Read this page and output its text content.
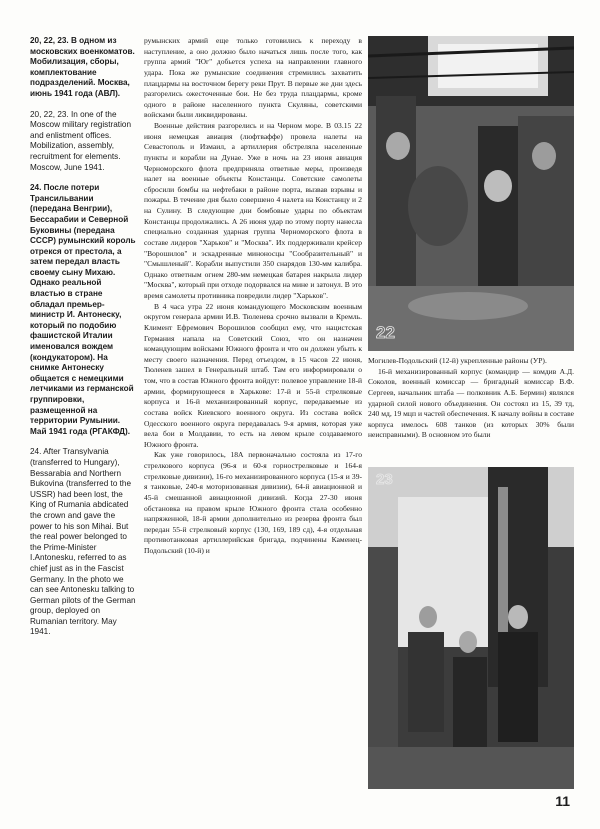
20, 22, 23. В одном из московских военкоматов. Мобилизация, сборы, комплектование подразделений. Москва, июнь 1941 года (АВЛ).

20, 22, 23. In one of the Moscow military registration and enlistment offices. Mobilization, assembly, recruitment for elements. Moscow, June 1941.

24. После потери Трансильвании (передана Венгрии), Бессарабии и Северной Буковины (передана СССР) румынский король отрекся от престола, а затем передал власть своему сыну Михаю. Однако реальной властью в стране обладал премьер-министр И. Антонеску, который по подобию фашистской Италии именовался вождем (кондукатором). На снимке Антонеску общается с немецкими летчиками из германской группировки, размещенной на территории Румынии. Май 1941 года (РГАКФД).

24. After Transylvania (transferred to Hungary), Bessarabia and Northern Bukovina (transferred to the USSR) had been lost, the King of Rumania abdicated the crown and gave the power to his son Mihai. But the real power belonged to the Prime-Minister I.Antonesku, referred to as chief just as in the Fascist Germany. In the photo we can see Antonesku talking to German pilots of the German group, deployed on Rumanian territory. May 1941.

румынских армий еще только готовились к переходу в наступление, а оно должно было начаться лишь после того, как группа армий "Юг" добьется успеха на направлении главного удара. Пока же румынские соединения стремились захватить плацдармы на восточном берегу реки Прут. В первые же дни здесь разгорелись ожесточенные бои. Не без труда плацдармы, кроме одного в районе населенного пункта Скуляны, советскими войсками были ликвидированы.

Военные действия разгорелись и на Черном море. В 03.15 22 июня немецкая авиация (люфтваффе) провела налеты на Севастополь и Измаил, а артиллерия обстреляла населенные пункты и корабли на Дунае. Уже в ночь на 23 июня авиация Черноморского флота предприняла ответные меры, произведя налет на военные объекты Констанцы. Советские самолеты сбросили бомбы на нефтебаки в районе порта, вызвав взрывы и пожары. В течение дня было совершено 4 налета на Констанцу и 2 на Сулину. В следующие дни бомбовые удары по объектам Констанцы продолжались. А 26 июня удар по этому порту нанесла специально созданная ударная группа Черноморского флота в составе лидеров "Харьков" и "Москва". Их поддерживали крейсер "Ворошилов" и эскадренные миноносцы "Сообразительный" и "Смышленый". Корабли выпустили 350 снарядов 130-мм калибра. Однако ответным огнем 280-мм немецкая батарея накрыла лидер "Москва", который при отходе подорвался на мине и затонул. В это время самолеты противника повредили лидер "Харьков".

В 4 часа утра 22 июня командующего Московским военным округом генерала армии И.В. Тюленева срочно вызвали в Кремль. Климент Ефремович Ворошилов сообщил ему, что нацистская Германия напала на Советский Союз, что он назначен командующим войсками Южного фронта и что он должен убыть к месту своего назначения. Перед отъездом, в 15 часов 22 июня, Тюленев зашел в Генеральный штаб. Там его информировали о том, что в состав Южного фронта войдут: полевое управление 18-й армии, формирующееся в Харькове: 17-й и 55-й стрелковые корпуса и 16-й механизированный корпус, передаваемые из состава войск Киевского военного округа. Из состава войск Одесского военного округа передавалась 9-я армия, которая уже вела бои в Молдавии, то есть на левом крыле создаваемого Южного фронта.

Как уже говорилось, 18А первоначально состояла из 17-го стрелкового корпуса (96-я и 60-я горнострелковые и 164-я стрелковые дивизии), 16-го механизированного корпуса (15-я и 39-я танковые, 240-я моторизованная дивизии), 64-й авиационной и 45-й смешанной авиационной дивизий. Когда 27-30 июня обстановка на правом крыле Южного фронта стала особенно напряженной, 18-й армии дополнительно из резерва фронта был передан 55-й стрелковый корпус (130, 169, 189 сд), 4-я отдельная противотанковая артиллерийская бригада, подчинены Каменец-Подольский (10-й) и

22

Могилев-Подольский (12-й) укрепленные районы (УР).

16-й механизированный корпус (командир — комдив А.Д. Соколов, военный комиссар — бригадный комиссар В.Ф. Сергеев, начальник штаба — полковник А.Б. Бермин) являлся ударной силой нового объединения. Он состоял из 15, 39 тд, 240 мд, 19 мцп и частей обеспечения. К началу войны в составе корпуса имелось 608 танков (из которых 30% были неисправными). В основном это были

23
11
